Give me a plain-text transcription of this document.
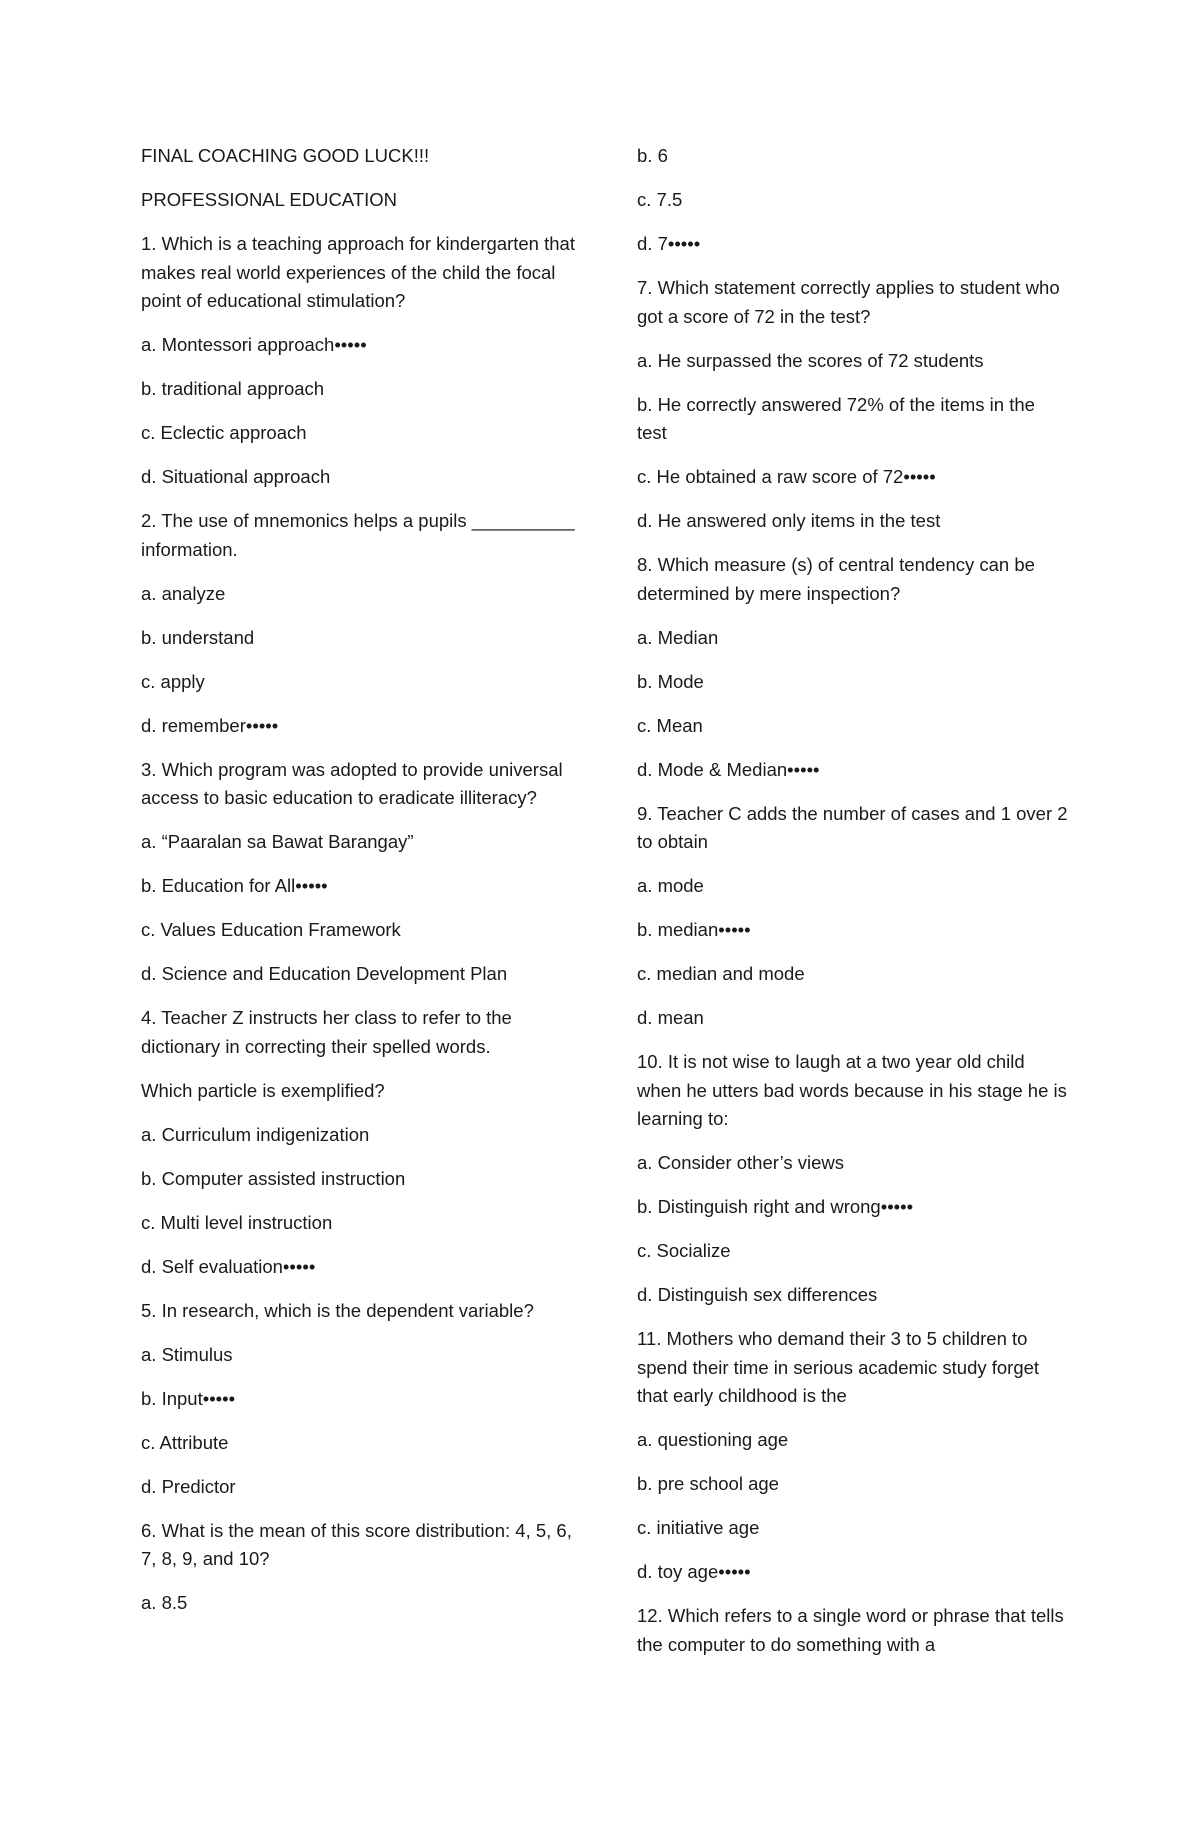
FINAL COACHING GOOD LUCK!!!

PROFESSIONAL EDUCATION

1. Which is a teaching approach for kindergarten that makes real world experiences of the child the focal point of educational stimulation?

a. Montessori approach•••••

b. traditional approach

c. Eclectic approach

d. Situational approach

2. The use of mnemonics helps a pupils __________ information.

a. analyze

b. understand

c. apply

d. remember•••••

3. Which program was adopted to provide universal access to basic education to eradicate illiteracy?

a. “Paaralan sa Bawat Barangay”

b. Education for All•••••

c. Values Education Framework

d. Science and Education Development Plan

4. Teacher Z instructs her class to refer to the dictionary in correcting their spelled words.

Which particle is exemplified?

a. Curriculum indigenization

b. Computer assisted instruction

c. Multi level instruction

d. Self evaluation•••••

5. In research, which is the dependent variable?

a. Stimulus

b. Input•••••

c. Attribute

d. Predictor

6. What is the mean of this score distribution: 4, 5, 6, 7, 8, 9, and 10?

a. 8.5

b. 6

c. 7.5

d. 7•••••

7. Which statement correctly applies to student who got a score of 72 in the test?

a. He surpassed the scores of 72 students

b. He correctly answered 72% of the items in the test

c. He obtained a raw score of 72•••••

d. He answered only items in the test

8. Which measure (s) of central tendency can be determined by mere inspection?

a. Median

b. Mode

c. Mean

d. Mode & Median•••••

9. Teacher C adds the number of cases and 1 over 2 to obtain

a. mode

b. median•••••

c. median and mode

d. mean

10. It is not wise to laugh at a two year old child when he utters bad words because in his stage he is learning to:

a. Consider other’s views

b. Distinguish right and wrong•••••

c. Socialize

d. Distinguish sex differences

11. Mothers who demand their 3 to 5 children to spend their time in serious academic study forget that early childhood is the

a. questioning age

b. pre school age

c. initiative age

d. toy age•••••

12. Which refers to a single word or phrase that tells the computer to do something with a
